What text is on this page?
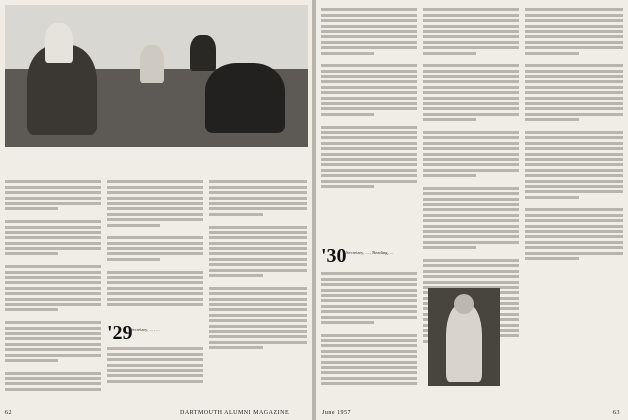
'29
Secretary, ... , ...
62	DARTMOUTH ALUMNI MAGAZINE
'30 Secretary, ... , Reading, ...
June 1957	63
